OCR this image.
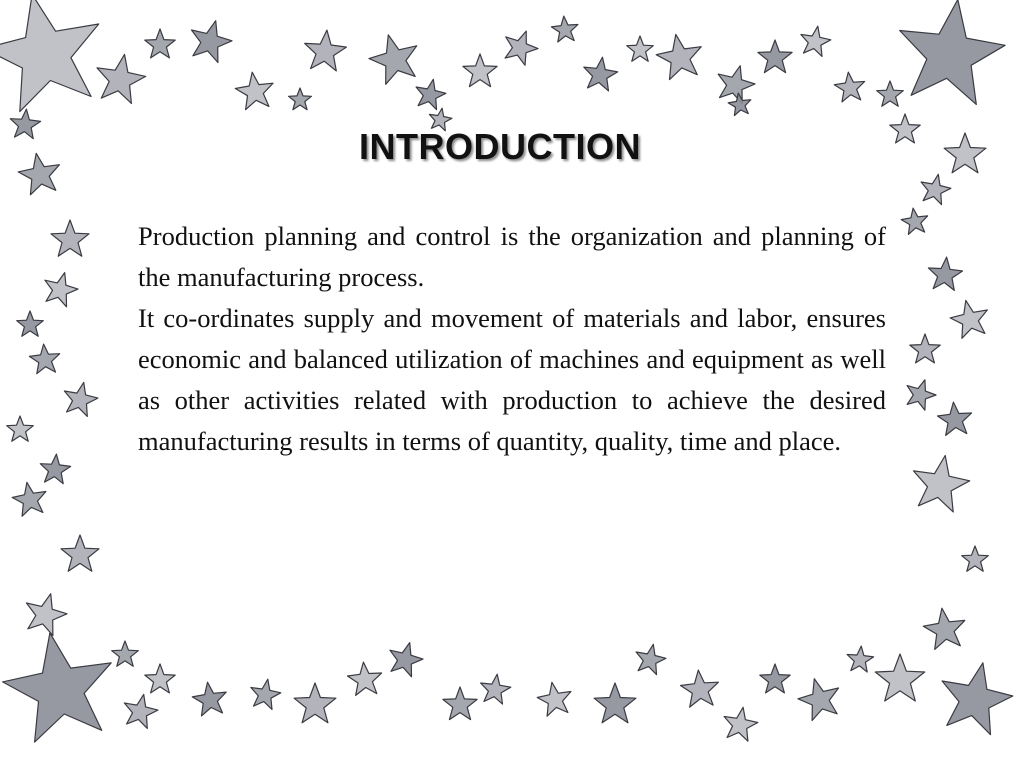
INTRODUCTION

Production planning and control is the organization and planning of the manufacturing process.

It co-ordinates supply and movement of materials and labor, ensures economic and balanced utilization of machines and equipment as well as other activities related with production to achieve the desired manufacturing results in terms of quantity, quality, time and place.
